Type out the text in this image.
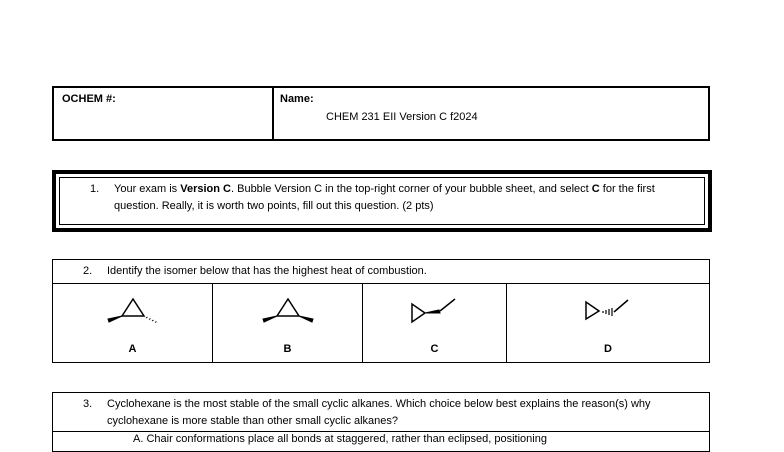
OCHEM #:	Name:
CHEM 231 EII Version C f2024
1.	Your exam is Version C. Bubble Version C in the top-right corner of your bubble sheet, and select C for the first question. Really, it is worth two points, fill out this question. (2 pts)
2. Identify the isomer below that has the highest heat of combustion.
A	B	C	D
3.	Cyclohexane is the most stable of the small cyclic alkanes. Which choice below best explains the reason(s) why cyclohexane is more stable than other small cyclic alkanes?
A. Chair conformations place all bonds at staggered, rather than eclipsed, positioning
